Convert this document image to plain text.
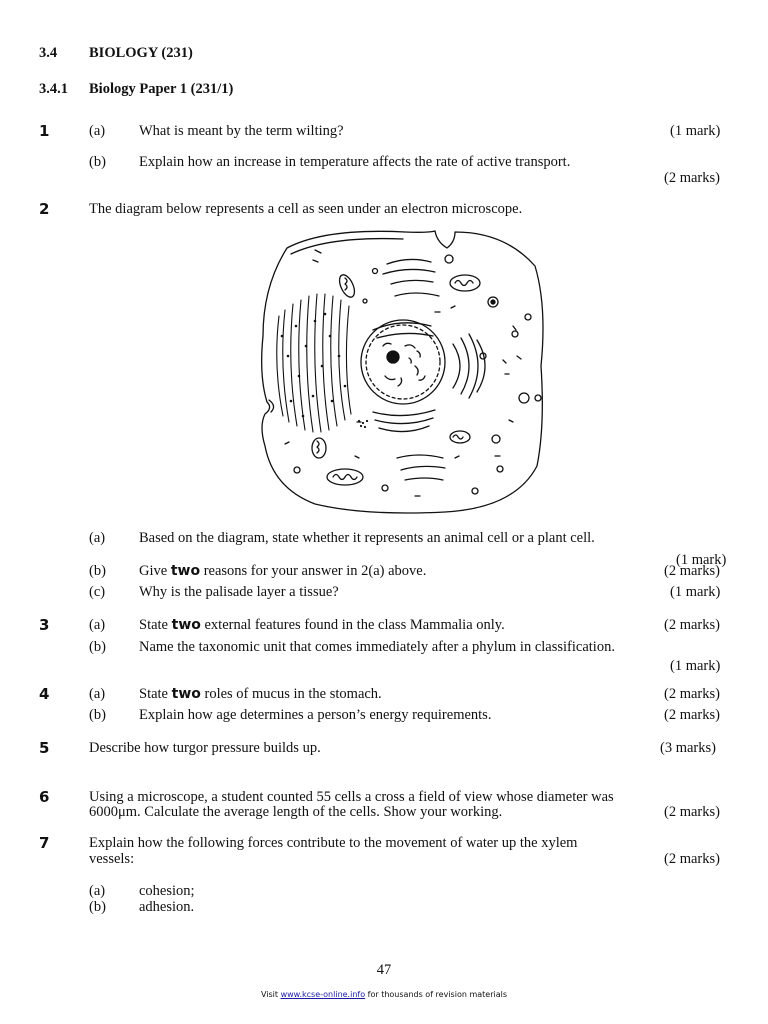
3.4 BIOLOGY (231)
3.4.1 Biology Paper 1 (231/1)
1	(a) What is meant by the term wilting?	(1 mark)
(b) Explain how an increase in temperature affects the rate of active transport.
(2 marks)
2	The diagram below represents a cell as seen under an electron microscope.
(a) Based on the diagram, state whether it represents an animal cell or a plant cell.
(1 mark)
(b) Give two reasons for your answer in 2(a) above.	(2 marks)
(c) Why is the palisade layer a tissue?	(1 mark)
3	(a) State two external features found in the class Mammalia only.	(2 marks)
(b) Name the taxonomic unit that comes immediately after a phylum in classification.
(1 mark)
4	(a) State two roles of mucus in the stomach.	(2 marks)
(b) Explain how age determines a person’s energy requirements.	(2 marks)
5	Describe how turgor pressure builds up.	(3 marks)
6	Using a microscope, a student counted 55 cells a cross a field of view whose diameter was
6000μm. Calculate the average length of the cells. Show your working.	(2 marks)
7	Explain how the following forces contribute to the movement of water up the xylem
vessels:	(2 marks)
(a) cohesion;
(b) adhesion.
47
Visit www.kcse-online.info for thousands of revision materials
